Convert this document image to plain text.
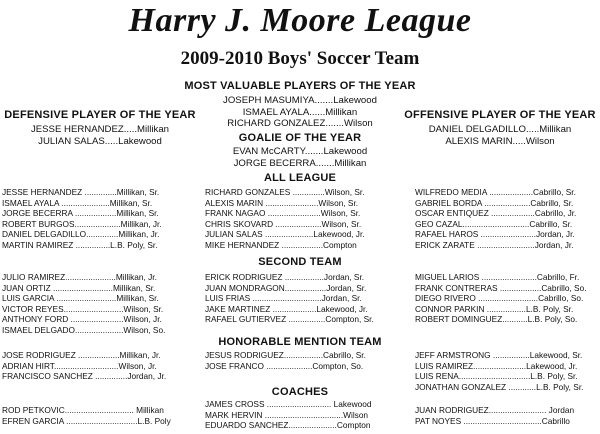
Harry J. Moore League
2009-2010 Boys' Soccer Team
MOST VALUABLE PLAYERS OF THE YEAR
JOSEPH MASUMIYA.......Lakewood
ISMAEL AYALA......Millikan
RICHARD GONZALEZ.......Wilson
DEFENSIVE PLAYER OF THE YEAR
JESSE HERNANDEZ.....Millikan
JULIAN SALAS.....Lakewood
OFFENSIVE PLAYER OF THE YEAR
DANIEL DELGADILLO.....Millikan
ALEXIS MARIN.....Wilson
GOALIE OF THE YEAR
EVAN McCARTY.......Lakewood
JORGE BECERRA.......Millikan
ALL LEAGUE
JESSE HERNANDEZ ..............Millikan, Sr.
ISMAEL AYALA .....................Millikan, Sr.
JORGE BECERRA ..................Millikan, Sr.
ROBERT BURGOS....................Millikan, Jr.
DANIEL DELGADILLO..............Millikan, Jr.
MARTIN RAMIREZ ...............L.B. Poly, Sr.
RICHARD GONZALES ..............Wilson, Sr.
ALEXIS MARIN .......................Wilson, Sr.
FRANK NAGAO .......................Wilson, Sr.
CHRIS SKOVARD ....................Wilson, Sr.
JULIAN SALAS .....................Lakewood, Jr.
MIKE HERNANDEZ ..................Compton
WILFREDO MEDIA ...................Cabrillo, Sr.
GABRIEL BORDA ....................Cabrillo, Sr.
OSCAR ENTIQUEZ ...................Cabrillo, Jr.
GEO CAZAL.............................Cabrillo, Sr.
RAFAEL HAROS ........................Jordan, Jr.
ERICK ZARATE .........................Jordan, Jr.
SECOND TEAM
JULIO RAMIREZ......................Millikan, Jr.
JUAN ORTIZ ..........................Millikan, Sr.
LUIS GARCIA ..........................Millikan, Sr.
VICTOR REYES..........................Wilson, Sr.
ANTHONY FORD .......................Wilson, Jr.
ISMAEL DELGADO.....................Wilson, So.
ERICK RODRIGUEZ .................Jordan, Sr.
JUAN MONDRAGON..................Jordan, Sr.
LUIS FRIAS ..............................Jordan, Sr.
JAKE MARTINEZ ...................Lakewood, Jr.
RAFAEL GUTIERVEZ ................Compton, Sr.
MIGUEL LARIOS ........................Cabrillo, Fr.
FRANK CONTRERAS ..................Cabrillo, So.
DIEGO RIVERO ..........................Cabrillo, So.
CONNOR PARKIN .................L.B. Poly, Sr.
ROBERT DOMINGUEZ...........L.B. Poly, So.
HONORABLE MENTION TEAM
JOSE RODRIGUEZ ..................Millikan, Jr.
ADRIAN HIRT............................Wilson, Jr.
FRANCISCO SANCHEZ ..............Jordan, Jr.
JESUS RODRIGUEZ.................Cabrillo, Sr.
JOSE FRANCO ....................Compton, So.
JEFF ARMSTRONG ................Lakewood, Sr.
LUIS RAMIREZ.......................Lakewood, Jr.
LUIS RENA...............................L.B. Poly, Sr.
JONATHAN GONZALEZ ............L.B. Poly, Sr.
COACHES
ROD PETKOVIC.............................. Millikan
EFREN GARCIA ...............................L.B. Poly
JAMES CROSS ............................ Lakewood
MARK HERVIN ..................................Wilson
EDUARDO SANCHEZ.....................Compton
JUAN RODRIGUEZ......................... Jordan
PAT NOYES ..................................Cabrillo
